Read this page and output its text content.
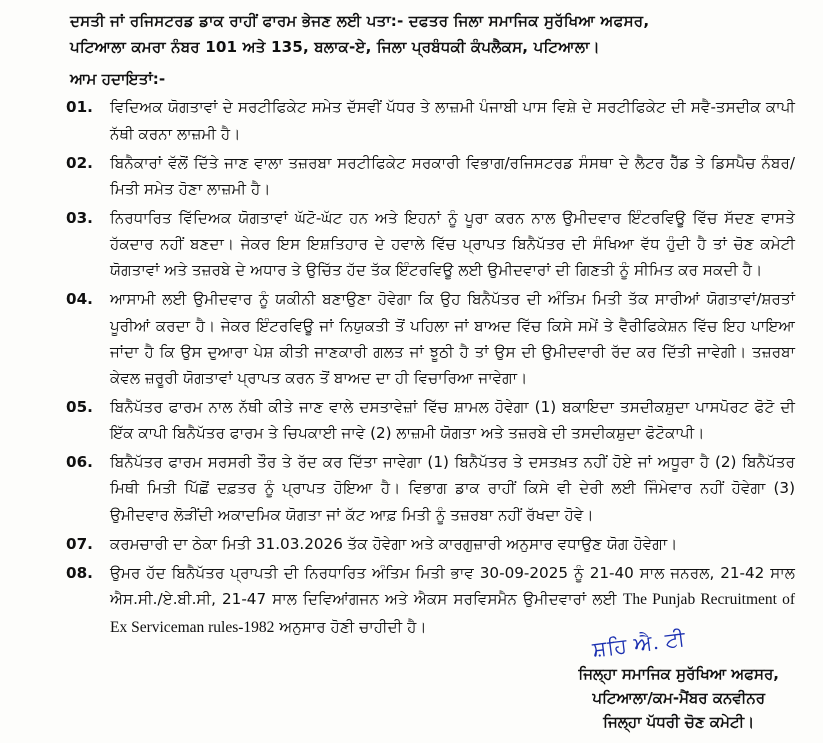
ਦਸਤੀ ਜਾਂ ਰਜਿਸਟਰਡ ਡਾਕ ਰਾਹੀਂ ਫਾਰਮ ਭੇਜਣ ਲਈ ਪਤਾ:- ਦਫਤਰ ਜਿਲਾ ਸਮਾਜਿਕ ਸੁਰੱਖਿਆ ਅਫਸਰ,
ਪਟਿਆਲਾ ਕਮਰਾ ਨੰਬਰ 101 ਅਤੇ 135, ਬਲਾਕ-ਏ, ਜਿਲਾ ਪ੍ਰਬੰਧਕੀ ਕੰਪਲੈਕਸ, ਪਟਿਆਲਾ।
ਆਮ ਹਦਾਇਤਾਂ:-
01.	ਵਿਦਿਅਕ ਯੋਗਤਾਵਾਂ ਦੇ ਸਰਟੀਫਿਕੇਟ ਸਮੇਤ ਦੱਸਵੀਂ ਪੱਧਰ ਤੇ ਲਾਜ਼ਮੀ ਪੰਜਾਬੀ ਪਾਸ ਵਿਸ਼ੇ ਦੇ ਸਰਟੀਫਿਕੇਟ ਦੀ ਸਵੈ-ਤਸਦੀਕ ਕਾਪੀ ਨੱਥੀ ਕਰਨਾ ਲਾਜ਼ਮੀ ਹੈ।
02.	ਬਿਨੈਕਾਰਾਂ ਵੱਲੋਂ ਦਿੱਤੇ ਜਾਣ ਵਾਲਾ ਤਜ਼ਰਬਾ ਸਰਟੀਫਿਕੇਟ ਸਰਕਾਰੀ ਵਿਭਾਗ/ਰਜਿਸਟਰਡ ਸੰਸਥਾ ਦੇ ਲੈਟਰ ਹੈੱਡ ਤੇ ਡਿਸਪੈਚ ਨੰਬਰ/ਮਿਤੀ ਸਮੇਤ ਹੋਣਾ ਲਾਜ਼ਮੀ ਹੈ।
03.	ਨਿਰਧਾਰਿਤ ਵਿੱਦਿਅਕ ਯੋਗਤਾਵਾਂ ਘੱਟੋ-ਘੱਟ ਹਨ ਅਤੇ ਇਹਨਾਂ ਨੂੰ ਪੂਰਾ ਕਰਨ ਨਾਲ ਉਮੀਦਵਾਰ ਇੰਟਰਵਿਊ ਵਿੱਚ ਸੱਦਣ ਵਾਸਤੇ ਹੱਕਦਾਰ ਨਹੀਂ ਬਣਦਾ। ਜੇਕਰ ਇਸ ਇਸ਼ਤਿਹਾਰ ਦੇ ਹਵਾਲੇ ਵਿੱਚ ਪ੍ਰਾਪਤ ਬਿਨੈਪੱਤਰ ਦੀ ਸੰਖਿਆ ਵੱਧ ਹੁੰਦੀ ਹੈ ਤਾਂ ਚੋਣ ਕਮੇਟੀ ਯੋਗਤਾਵਾਂ ਅਤੇ ਤਜ਼ਰਬੇ ਦੇ ਅਧਾਰ ਤੇ ਉਚਿੱਤ ਹੱਦ ਤੱਕ ਇੰਟਰਵਿਊ ਲਈ ਉਮੀਦਵਾਰਾਂ ਦੀ ਗਿਣਤੀ ਨੂੰ ਸੀਮਿਤ ਕਰ ਸਕਦੀ ਹੈ।
04.	ਆਸਾਮੀ ਲਈ ਉਮੀਦਵਾਰ ਨੂੰ ਯਕੀਨੀ ਬਣਾਉਣਾ ਹੋਵੇਗਾ ਕਿ ਉਹ ਬਿਨੈਪੱਤਰ ਦੀ ਅੰਤਿਮ ਮਿਤੀ ਤੱਕ ਸਾਰੀਆਂ ਯੋਗਤਾਵਾਂ/ਸ਼ਰਤਾਂ ਪੂਰੀਆਂ ਕਰਦਾ ਹੈ। ਜੇਕਰ ਇੰਟਰਵਿਊ ਜਾਂ ਨਿਯੁਕਤੀ ਤੋਂ ਪਹਿਲਾ ਜਾਂ ਬਾਅਦ ਵਿੱਚ ਕਿਸੇ ਸਮੇਂ ਤੇ ਵੈਰੀਫਿਕੇਸ਼ਨ ਵਿੱਚ ਇਹ ਪਾਇਆ ਜਾਂਦਾ ਹੈ ਕਿ ਉਸ ਦੁਆਰਾ ਪੇਸ਼ ਕੀਤੀ ਜਾਣਕਾਰੀ ਗਲਤ ਜਾਂ ਝੂਠੀ ਹੈ ਤਾਂ ਉਸ ਦੀ ਉਮੀਦਵਾਰੀ ਰੱਦ ਕਰ ਦਿੱਤੀ ਜਾਵੇਗੀ। ਤਜ਼ਰਬਾ ਕੇਵਲ ਜ਼ਰੂਰੀ ਯੋਗਤਾਵਾਂ ਪ੍ਰਾਪਤ ਕਰਨ ਤੋਂ ਬਾਅਦ ਦਾ ਹੀ ਵਿਚਾਰਿਆ ਜਾਵੇਗਾ।
05.	ਬਿਨੈਪੱਤਰ ਫਾਰਮ ਨਾਲ ਨੱਥੀ ਕੀਤੇ ਜਾਣ ਵਾਲੇ ਦਸਤਾਵੇਜ਼ਾਂ ਵਿੱਚ ਸ਼ਾਮਲ ਹੋਵੇਗਾ (1) ਬਕਾਇਦਾ ਤਸਦੀਕਸ਼ੁਦਾ ਪਾਸਪੋਰਟ ਫੋਟੋ ਦੀ ਇੱਕ ਕਾਪੀ ਬਿਨੈਪੱਤਰ ਫਾਰਮ ਤੇ ਚਿਪਕਾਈ ਜਾਵੇ (2) ਲਾਜ਼ਮੀ ਯੋਗਤਾ ਅਤੇ ਤਜ਼ਰਬੇ ਦੀ ਤਸਦੀਕਸ਼ੁਦਾ ਫੋਟੋਕਾਪੀ।
06.	ਬਿਨੈਪੱਤਰ ਫਾਰਮ ਸਰਸਰੀ ਤੌਰ ਤੇ ਰੱਦ ਕਰ ਦਿੱਤਾ ਜਾਵੇਗਾ (1) ਬਿਨੈਪੱਤਰ ਤੇ ਦਸਤਖ਼ਤ ਨਹੀਂ ਹੋਏ ਜਾਂ ਅਧੂਰਾ ਹੈ (2) ਬਿਨੈਪੱਤਰ ਮਿਥੀ ਮਿਤੀ ਪਿੱਛੋਂ ਦਫ਼ਤਰ ਨੂੰ ਪ੍ਰਾਪਤ ਹੋਇਆ ਹੈ। ਵਿਭਾਗ ਡਾਕ ਰਾਹੀਂ ਕਿਸੇ ਵੀ ਦੇਰੀ ਲਈ ਜਿੰਮੇਵਾਰ ਨਹੀਂ ਹੋਵੇਗਾ (3) ਉਮੀਦਵਾਰ ਲੋੜੀਂਦੀ ਅਕਾਦਮਿਕ ਯੋਗਤਾ ਜਾਂ ਕੱਟ ਆਫ਼ ਮਿਤੀ ਨੂੰ ਤਜ਼ਰਬਾ ਨਹੀਂ ਰੱਖਦਾ ਹੋਵੇ।
07.	ਕਰਮਚਾਰੀ ਦਾ ਠੇਕਾ ਮਿਤੀ 31.03.2026 ਤੱਕ ਹੋਵੇਗਾ ਅਤੇ ਕਾਰਗੁਜ਼ਾਰੀ ਅਨੁਸਾਰ ਵਧਾਉਣ ਯੋਗ ਹੋਵੇਗਾ।
08.	ਉਮਰ ਹੱਦ ਬਿਨੈਪੱਤਰ ਪ੍ਰਾਪਤੀ ਦੀ ਨਿਰਧਾਰਿਤ ਅੰਤਿਮ ਮਿਤੀ ਭਾਵ 30-09-2025 ਨੂੰ 21-40 ਸਾਲ ਜਨਰਲ, 21-42 ਸਾਲ ਐਸ.ਸੀ./ਏ.ਬੀ.ਸੀ, 21-47 ਸਾਲ ਦਿਵਿਆਂਗਜਨ ਅਤੇ ਐਕਸ ਸਰਵਿਸਮੈਨ ਉਮੀਦਵਾਰਾਂ ਲਈ The Punjab Recruitment of Ex Serviceman rules-1982 ਅਨੁਸਾਰ ਹੋਣੀ ਚਾਹੀਦੀ ਹੈ।
ਸ਼ਹਿ ਐ. ਟੀ
ਜਿਲ੍ਹਾ ਸਮਾਜਿਕ ਸੁਰੱਖਿਆ ਅਫਸਰ,
ਪਟਿਆਲਾ/ਕਮ-ਮੈਂਬਰ ਕਨਵੀਨਰ
ਜਿਲ੍ਹਾ ਪੱਧਰੀ ਚੋਣ ਕਮੇਟੀ।
